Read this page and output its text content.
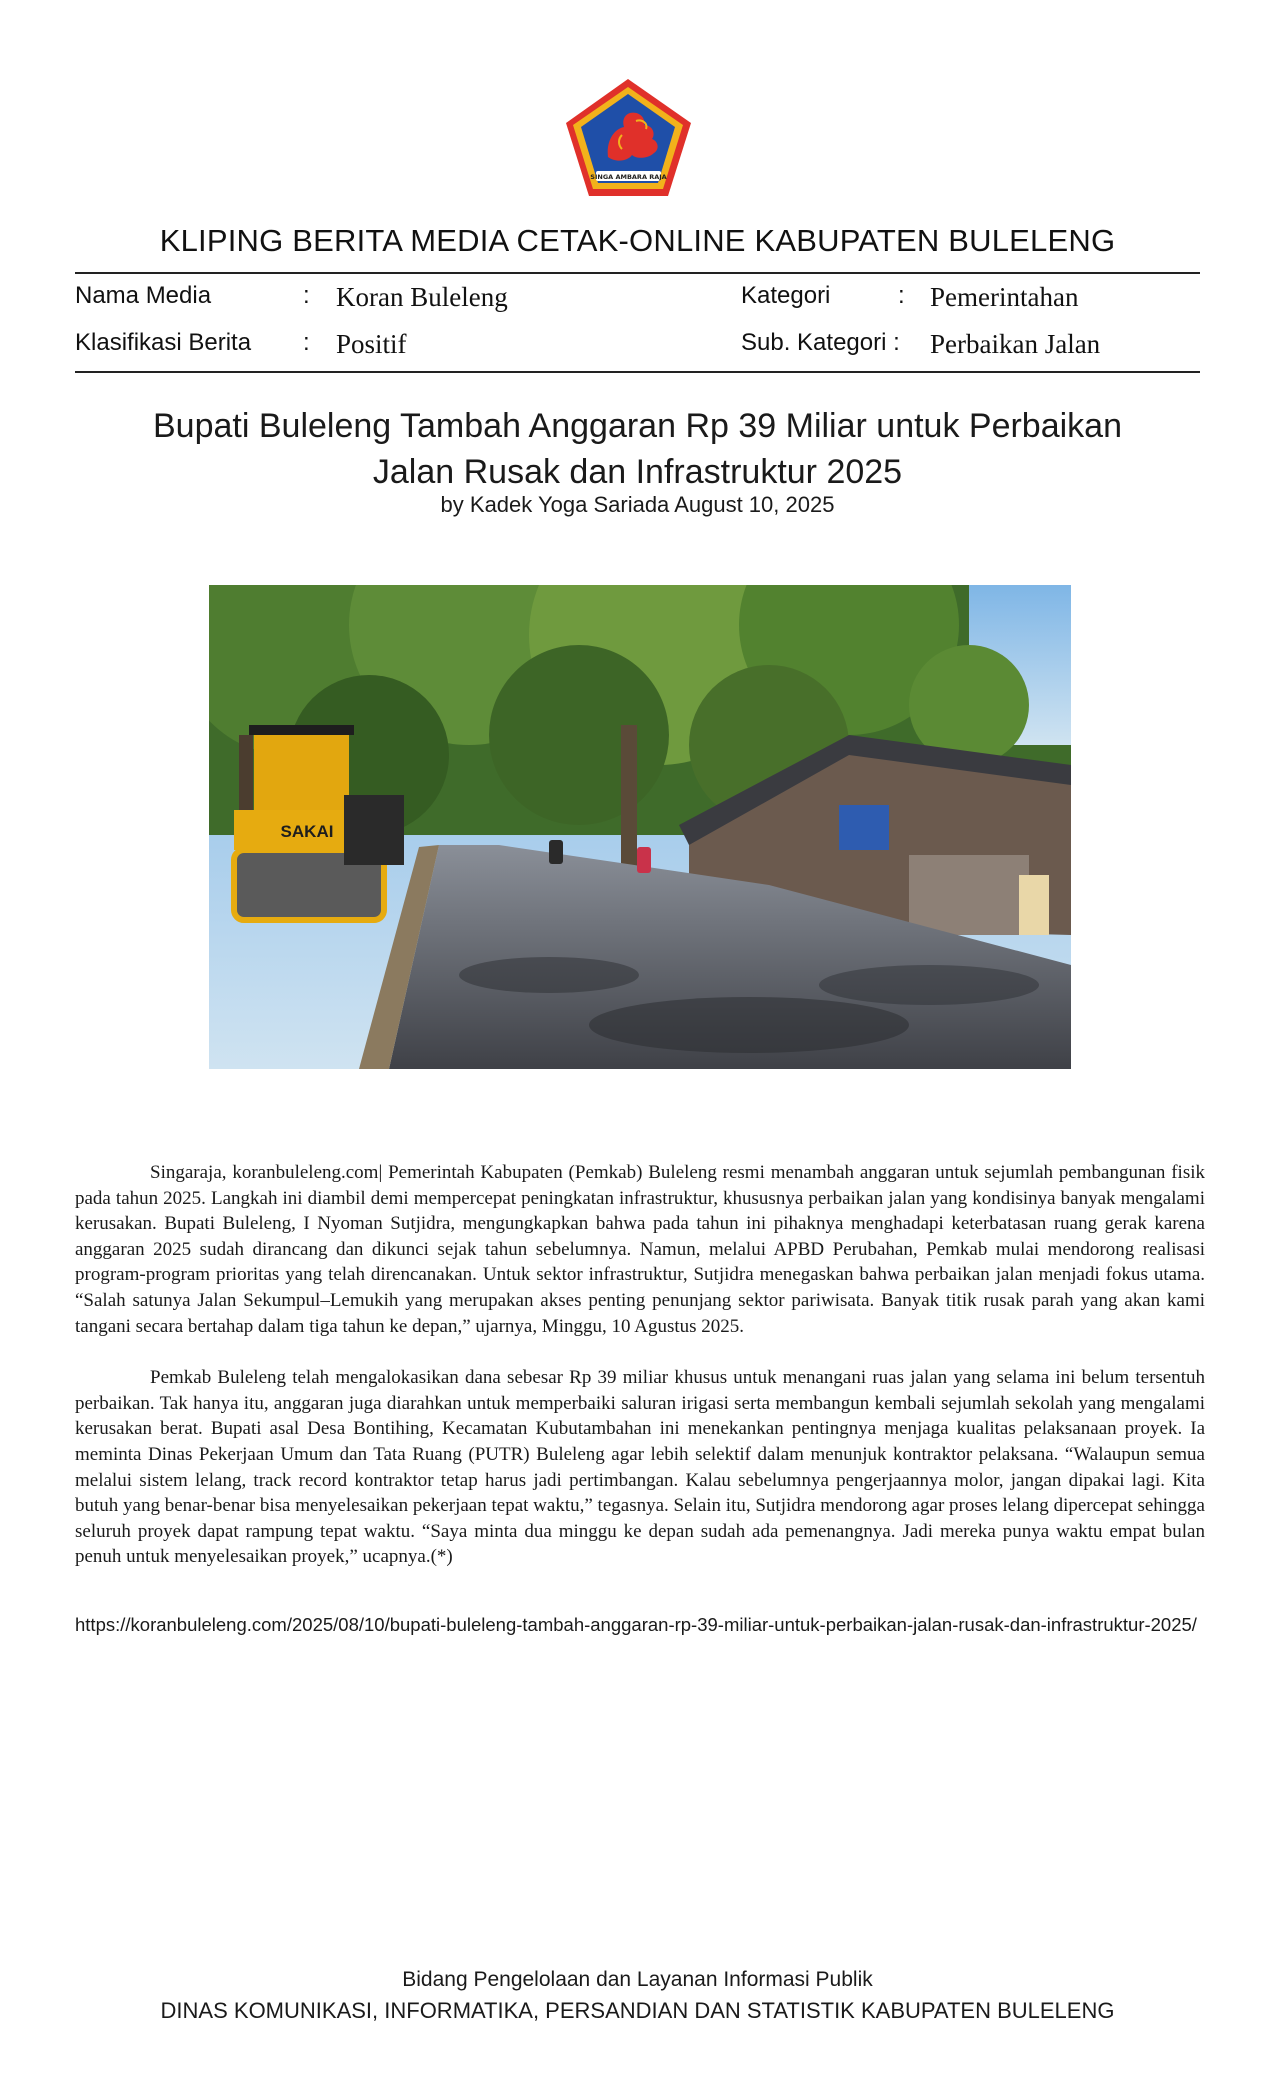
SINGA AMBARA RAJA
KLIPING BERITA MEDIA CETAK-ONLINE KABUPATEN BULELENG
Nama Media	: Koran Buleleng	Kategori	: Pemerintahan
Klasifikasi Berita : Positif	Sub. Kategori : Perbaikan Jalan
Bupati Buleleng Tambah Anggaran Rp 39 Miliar untuk Perbaikan
Jalan Rusak dan Infrastruktur 2025
by Kadek Yoga Sariada August 10, 2025
SAKAI

Singaraja, koranbuleleng.com| Pemerintah Kabupaten (Pemkab) Buleleng resmi menambah anggaran untuk sejumlah pembangunan fisik pada tahun 2025. Langkah ini diambil demi mempercepat peningkatan infrastruktur, khususnya perbaikan jalan yang kondisinya banyak mengalami kerusakan. Bupati Buleleng, I Nyoman Sutjidra, mengungkapkan bahwa pada tahun ini pihaknya menghadapi keterbatasan ruang gerak karena anggaran 2025 sudah dirancang dan dikunci sejak tahun sebelumnya. Namun, melalui APBD Perubahan, Pemkab mulai mendorong realisasi program-program prioritas yang telah direncanakan. Untuk sektor infrastruktur, Sutjidra menegaskan bahwa perbaikan jalan menjadi fokus utama. “Salah satunya Jalan Sekumpul–Lemukih yang merupakan akses penting penunjang sektor pariwisata. Banyak titik rusak parah yang akan kami tangani secara bertahap dalam tiga tahun ke depan,” ujarnya, Minggu, 10 Agustus 2025.

Pemkab Buleleng telah mengalokasikan dana sebesar Rp 39 miliar khusus untuk menangani ruas jalan yang selama ini belum tersentuh perbaikan. Tak hanya itu, anggaran juga diarahkan untuk memperbaiki saluran irigasi serta membangun kembali sejumlah sekolah yang mengalami kerusakan berat. Bupati asal Desa Bontihing, Kecamatan Kubutambahan ini menekankan pentingnya menjaga kualitas pelaksanaan proyek. Ia meminta Dinas Pekerjaan Umum dan Tata Ruang (PUTR) Buleleng agar lebih selektif dalam menunjuk kontraktor pelaksana. “Walaupun semua melalui sistem lelang, track record kontraktor tetap harus jadi pertimbangan. Kalau sebelumnya pengerjaannya molor, jangan dipakai lagi. Kita butuh yang benar-benar bisa menyelesaikan pekerjaan tepat waktu,” tegasnya. Selain itu, Sutjidra mendorong agar proses lelang dipercepat sehingga seluruh proyek dapat rampung tepat waktu. “Saya minta dua minggu ke depan sudah ada pemenangnya. Jadi mereka punya waktu empat bulan penuh untuk menyelesaikan proyek,” ucapnya.(*)

https://koranbuleleng.com/2025/08/10/bupati-buleleng-tambah-anggaran-rp-39-miliar-untuk-perbaikan-jalan-rusak-dan-infrastruktur-2025/
Bidang Pengelolaan dan Layanan Informasi Publik
DINAS KOMUNIKASI, INFORMATIKA, PERSANDIAN DAN STATISTIK KABUPATEN BULELENG
